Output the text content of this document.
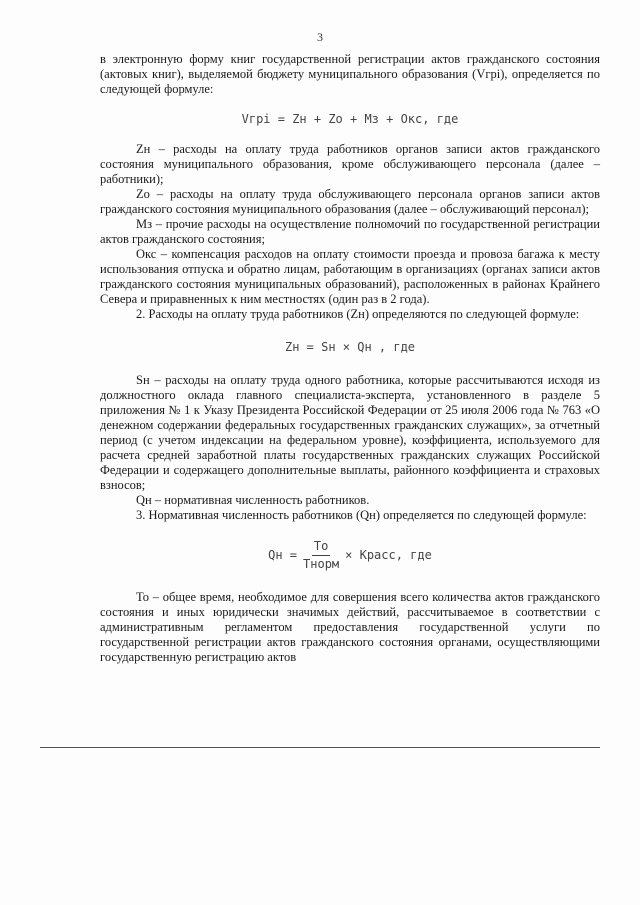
3

в электронную форму книг государственной регистрации актов гражданского состояния (актовых книг), выделяемой бюджету муниципального образования (Vгрі), определяется по следующей формуле:

Vгрі = Zн + Zо + Мз + Окс, где

Zн – расходы на оплату труда работников органов записи актов гражданского состояния муниципального образования, кроме обслуживающего персонала (далее – работники);

Zo – расходы на оплату труда обслуживающего персонала органов записи актов гражданского состояния муниципального образования (далее – обслуживающий персонал);

Мз – прочие расходы на осуществление полномочий по государственной регистрации актов гражданского состояния;

Окс – компенсация расходов на оплату стоимости проезда и провоза багажа к месту использования отпуска и обратно лицам, работающим в организациях (органах записи актов гражданского состояния муниципальных образований), расположенных в районах Крайнего Севера и приравненных к ним местностях (один раз в 2 года).

2. Расходы на оплату труда работников (Zн) определяются по следующей формуле:

Zн = Sн × Qн , где

Sн – расходы на оплату труда одного работника, которые рассчитываются исходя из должностного оклада главного специалиста-эксперта, установленного в разделе 5 приложения № 1 к Указу Президента Российской Федерации от 25 июля 2006 года № 763 «О денежном содержании федеральных государственных гражданских служащих», за отчетный период (с учетом индексации на федеральном уровне), коэффициента, используемого для расчета средней заработной платы государственных гражданских служащих Российской Федерации и содержащего дополнительные выплаты, районного коэффициента и страховых взносов;

Qн – нормативная численность работников.

3. Нормативная численность работников (Qн) определяется по следующей формуле:

Qн = $\frac{То}{\text{Тнорм}}$ × Красс, где

То – общее время, необходимое для совершения всего количества актов гражданского состояния и иных юридически значимых действий, рассчитываемое в соответствии с административным регламентом предоставления государственной услуги по государственной регистрации актов гражданского состояния органами, осуществляющими государственную регистрацию актов
